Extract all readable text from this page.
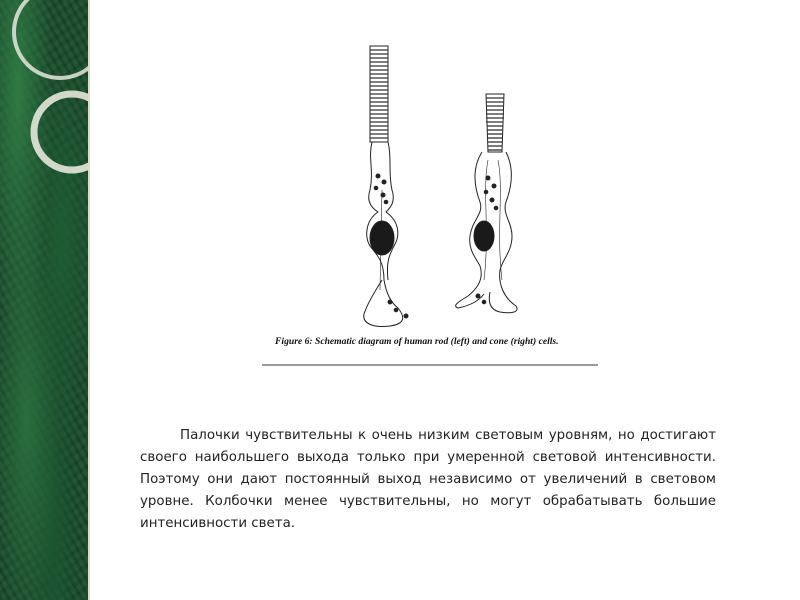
Figure 6: Schematic diagram of human rod (left) and cone (right) cells.

Палочки чувствительны к очень низким световым уровням, но достигают своего наибольшего выхода только при умеренной световой интенсивности. Поэтому они дают постоянный выход независимо от увеличений в световом уровне. Колбочки менее чувствительны, но могут обрабатывать большие интенсивности света.
